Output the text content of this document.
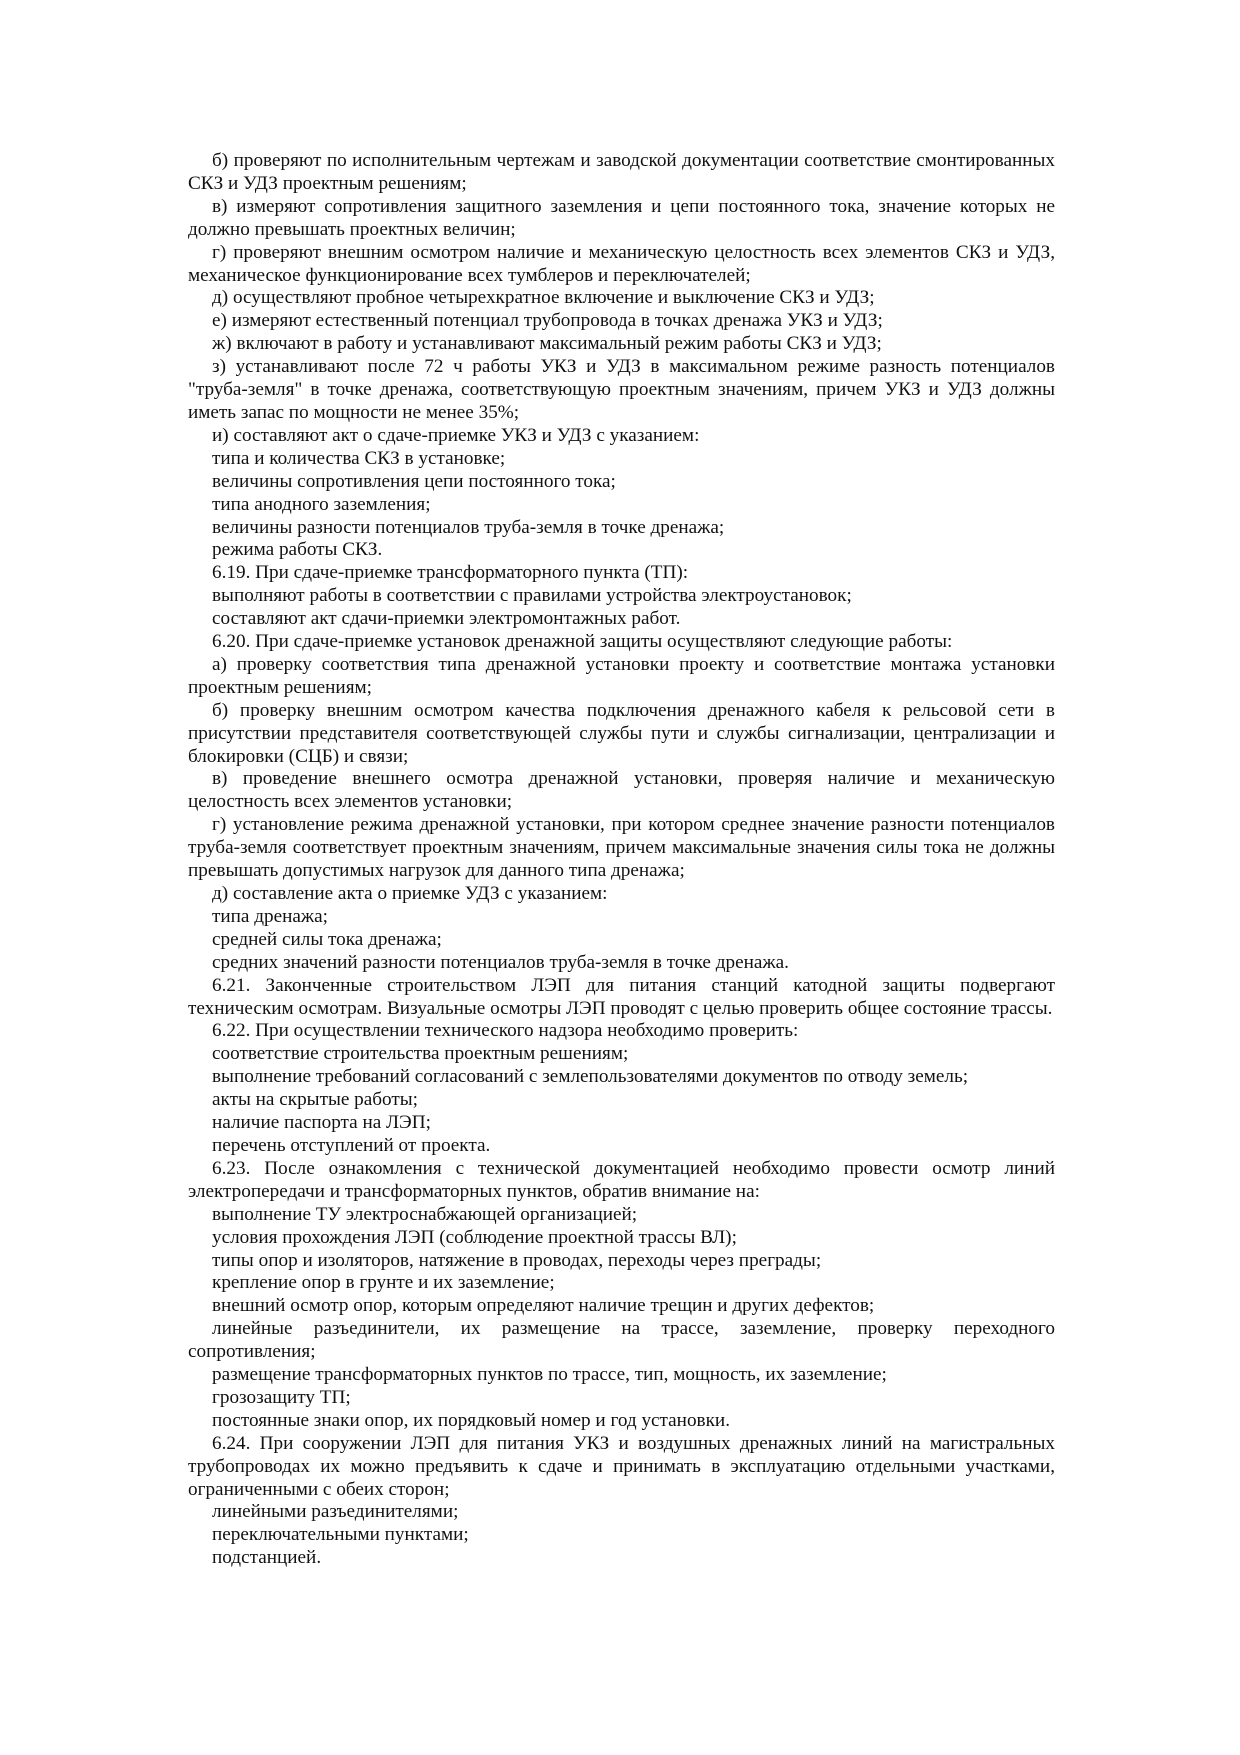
б) проверяют по исполнительным чертежам и заводской документации соответствие смонтированных СКЗ и УДЗ проектным решениям;

в) измеряют сопротивления защитного заземления и цепи постоянного тока, значение которых не должно превышать проектных величин;

г) проверяют внешним осмотром наличие и механическую целостность всех элементов СКЗ и УДЗ, механическое функционирование всех тумблеров и переключателей;

д) осуществляют пробное четырехкратное включение и выключение СКЗ и УДЗ;

е) измеряют естественный потенциал трубопровода в точках дренажа УКЗ и УДЗ;

ж) включают в работу и устанавливают максимальный режим работы СКЗ и УДЗ;

з) устанавливают после 72 ч работы УКЗ и УДЗ в максимальном режиме разность потенциалов "труба-земля" в точке дренажа, соответствующую проектным значениям, причем УКЗ и УДЗ должны иметь запас по мощности не менее 35%;

и) составляют акт о сдаче-приемке УКЗ и УДЗ с указанием:

типа и количества СКЗ в установке;

величины сопротивления цепи постоянного тока;

типа анодного заземления;

величины разности потенциалов труба-земля в точке дренажа;

режима работы СКЗ.

6.19. При сдаче-приемке трансформаторного пункта (ТП):

выполняют работы в соответствии с правилами устройства электроустановок;

составляют акт сдачи-приемки электромонтажных работ.

6.20. При сдаче-приемке установок дренажной защиты осуществляют следующие работы:

а) проверку соответствия типа дренажной установки проекту и соответствие монтажа установки проектным решениям;

б) проверку внешним осмотром качества подключения дренажного кабеля к рельсовой сети в присутствии представителя соответствующей службы пути и службы сигнализации, централизации и блокировки (СЦБ) и связи;

в) проведение внешнего осмотра дренажной установки, проверяя наличие и механическую целостность всех элементов установки;

г) установление режима дренажной установки, при котором среднее значение разности потенциалов труба-земля соответствует проектным значениям, причем максимальные значения силы тока не должны превышать допустимых нагрузок для данного типа дренажа;

д) составление акта о приемке УДЗ с указанием:

типа дренажа;

средней силы тока дренажа;

средних значений разности потенциалов труба-земля в точке дренажа.

6.21. Законченные строительством ЛЭП для питания станций катодной защиты подвергают техническим осмотрам. Визуальные осмотры ЛЭП проводят с целью проверить общее состояние трассы.

6.22. При осуществлении технического надзора необходимо проверить:

соответствие строительства проектным решениям;

выполнение требований согласований с землепользователями документов по отводу земель;

акты на скрытые работы;

наличие паспорта на ЛЭП;

перечень отступлений от проекта.

6.23. После ознакомления с технической документацией необходимо провести осмотр линий электропередачи и трансформаторных пунктов, обратив внимание на:

выполнение ТУ электроснабжающей организацией;

условия прохождения ЛЭП (соблюдение проектной трассы ВЛ);

типы опор и изоляторов, натяжение в проводах, переходы через преграды;

крепление опор в грунте и их заземление;

внешний осмотр опор, которым определяют наличие трещин и других дефектов;

линейные разъединители, их размещение на трассе, заземление, проверку переходного сопротивления;

размещение трансформаторных пунктов по трассе, тип, мощность, их заземление;

грозозащиту ТП;

постоянные знаки опор, их порядковый номер и год установки.

6.24. При сооружении ЛЭП для питания УКЗ и воздушных дренажных линий на магистральных трубопроводах их можно предъявить к сдаче и принимать в эксплуатацию отдельными участками, ограниченными с обеих сторон;

линейными разъединителями;

переключательными пунктами;

подстанцией.
